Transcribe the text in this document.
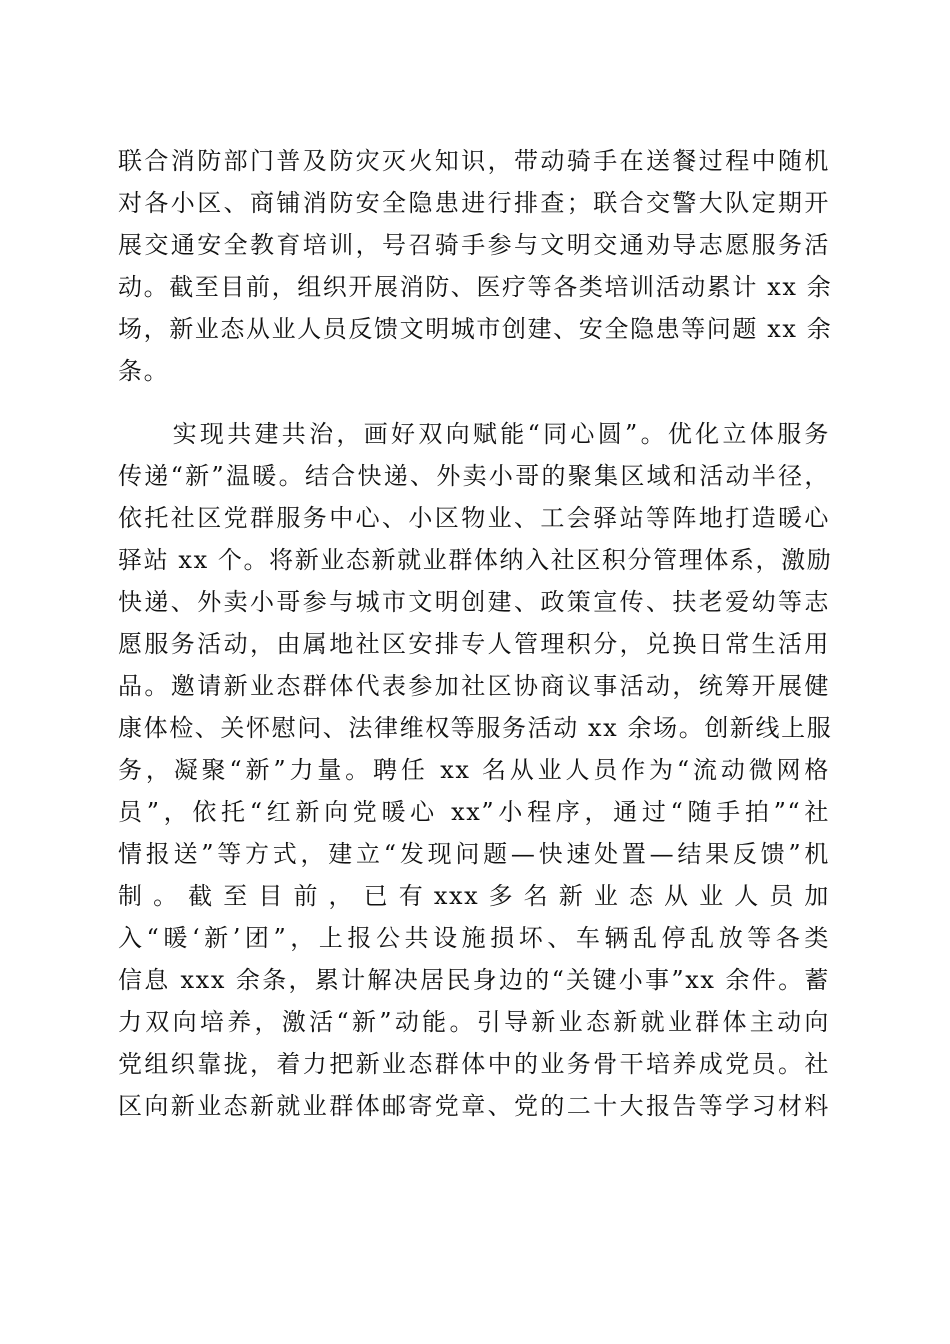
联合消防部门普及防灾灭火知识，带动骑手在送餐过程中随机
对各小区、商铺消防安全隐患进行排查；联合交警大队定期开
展交通安全教育培训，号召骑手参与文明交通劝导志愿服务活
动。截至目前，组织开展消防、医疗等各类培训活动累计 xx 余
场，新业态从业人员反馈文明城市创建、安全隐患等问题 xx 余
条。
　　实现共建共治，画好双向赋能“同心圆”。优化立体服务
传递“新”温暖。结合快递、外卖小哥的聚集区域和活动半径，
依托社区党群服务中心、小区物业、工会驿站等阵地打造暖心
驿站 xx 个。将新业态新就业群体纳入社区积分管理体系，激励
快递、外卖小哥参与城市文明创建、政策宣传、扶老爱幼等志
愿服务活动，由属地社区安排专人管理积分，兑换日常生活用
品。邀请新业态群体代表参加社区协商议事活动，统筹开展健
康体检、关怀慰问、法律维权等服务活动 xx 余场。创新线上服
务，凝聚“新”力量。聘任 xx 名从业人员作为“流动微网格
员”，依托“红新向党暖心 xx”小程序，通过“随手拍”“社
情报送”等方式，建立“发现问题—快速处置—结果反馈”机
制 。 截 至 目 前 ， 已 有 xxx 多 名 新 业 态 从 业 人 员 加
入“暖‘新’团”，上报公共设施损坏、车辆乱停乱放等各类
信息 xxx 余条，累计解决居民身边的“关键小事”xx 余件。蓄
力双向培养，激活“新”动能。引导新业态新就业群体主动向
党组织靠拢，着力把新业态群体中的业务骨干培养成党员。社
区向新业态新就业群体邮寄党章、党的二十大报告等学习材料
